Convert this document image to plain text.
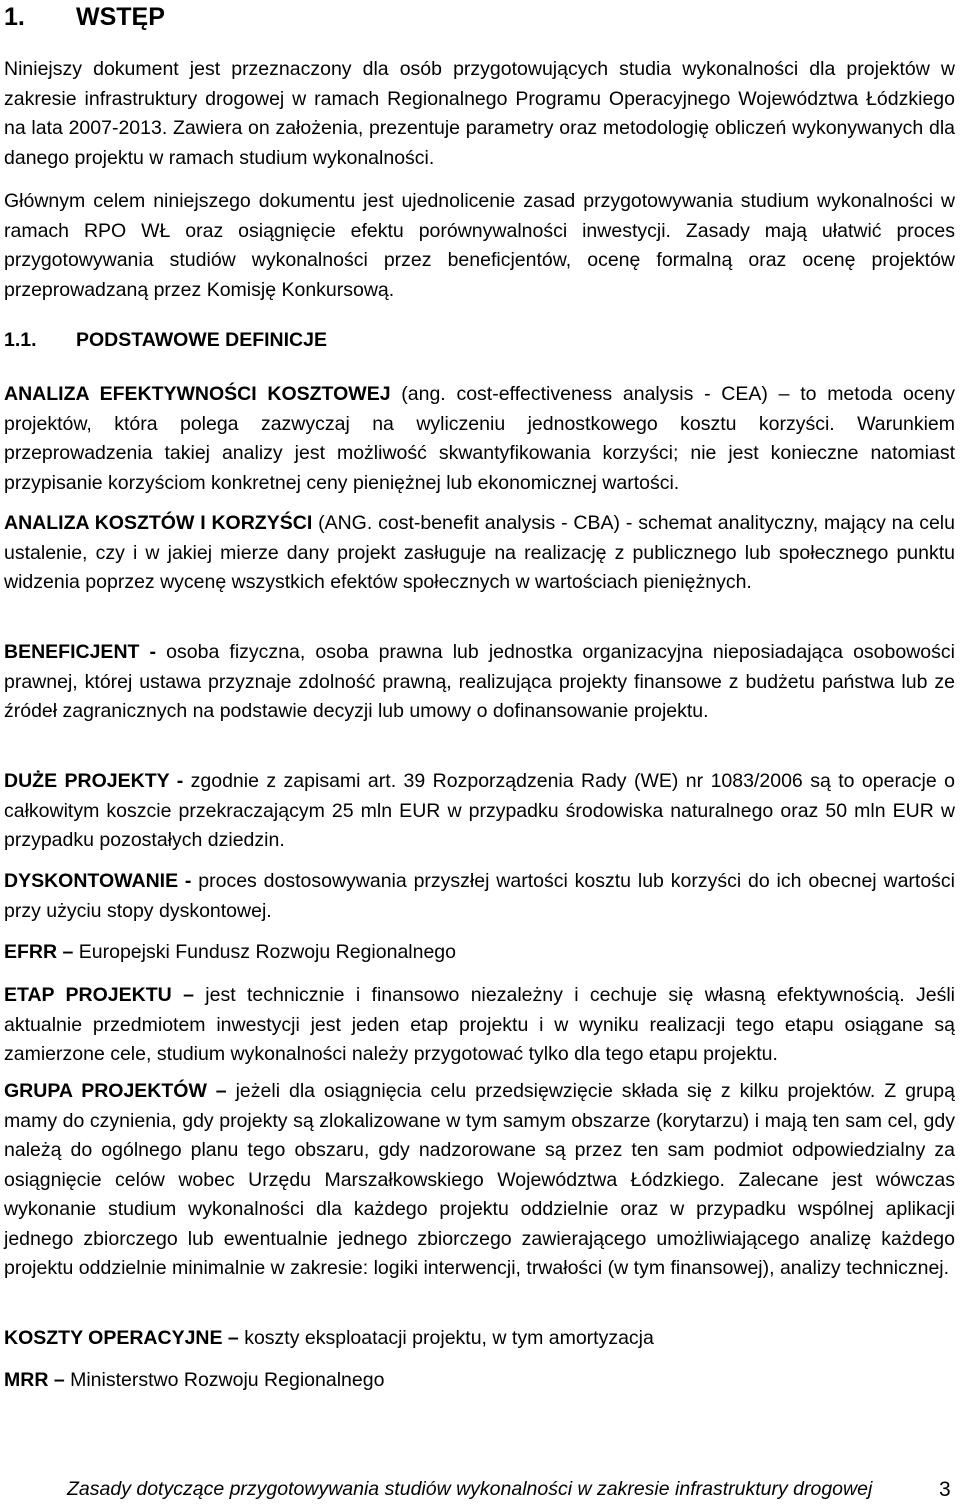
1. WSTĘP

Niniejszy dokument jest przeznaczony dla osób przygotowujących studia wykonalności dla projektów w zakresie infrastruktury drogowej w ramach Regionalnego Programu Operacyjnego Województwa Łódzkiego na lata 2007-2013. Zawiera on założenia, prezentuje parametry oraz metodologię obliczeń wykonywanych dla danego projektu w ramach studium wykonalności.

Głównym celem niniejszego dokumentu jest ujednolicenie zasad przygotowywania studium wykonalności w ramach RPO WŁ oraz osiągnięcie efektu porównywalności inwestycji. Zasady mają ułatwić proces przygotowywania studiów wykonalności przez beneficjentów, ocenę formalną oraz ocenę projektów przeprowadzaną przez Komisję Konkursową.

1.1. PODSTAWOWE DEFINICJE

ANALIZA EFEKTYWNOŚCI KOSZTOWEJ (ang. cost-effectiveness analysis - CEA) – to metoda oceny projektów, która polega zazwyczaj na wyliczeniu jednostkowego kosztu korzyści. Warunkiem przeprowadzenia takiej analizy jest możliwość skwantyfikowania korzyści; nie jest konieczne natomiast przypisanie korzyściom konkretnej ceny pieniężnej lub ekonomicznej wartości.

ANALIZA KOSZTÓW I KORZYŚCI (ANG. cost-benefit analysis - CBA) - schemat analityczny, mający na celu ustalenie, czy i w jakiej mierze dany projekt zasługuje na realizację z publicznego lub społecznego punktu widzenia poprzez wycenę wszystkich efektów społecznych w wartościach pieniężnych.

BENEFICJENT - osoba fizyczna, osoba prawna lub jednostka organizacyjna nieposiadająca osobowości prawnej, której ustawa przyznaje zdolność prawną, realizująca projekty finansowe z budżetu państwa lub ze źródeł zagranicznych na podstawie decyzji lub umowy o dofinansowanie projektu.

DUŻE PROJEKTY - zgodnie z zapisami art. 39 Rozporządzenia Rady (WE) nr 1083/2006 są to operacje o całkowitym koszcie przekraczającym 25 mln EUR w przypadku środowiska naturalnego oraz 50 mln EUR w przypadku pozostałych dziedzin.

DYSKONTOWANIE - proces dostosowywania przyszłej wartości kosztu lub korzyści do ich obecnej wartości przy użyciu stopy dyskontowej.

EFRR – Europejski Fundusz Rozwoju Regionalnego

ETAP PROJEKTU – jest technicznie i finansowo niezależny i cechuje się własną efektywnością. Jeśli aktualnie przedmiotem inwestycji jest jeden etap projektu i w wyniku realizacji tego etapu osiągane są zamierzone cele, studium wykonalności należy przygotować tylko dla tego etapu projektu.

GRUPA PROJEKTÓW – jeżeli dla osiągnięcia celu przedsięwzięcie składa się z kilku projektów. Z grupą mamy do czynienia, gdy projekty są zlokalizowane w tym samym obszarze (korytarzu) i mają ten sam cel, gdy należą do ogólnego planu tego obszaru, gdy nadzorowane są przez ten sam podmiot odpowiedzialny za osiągnięcie celów wobec Urzędu Marszałkowskiego Województwa Łódzkiego. Zalecane jest wówczas wykonanie studium wykonalności dla każdego projektu oddzielnie oraz w przypadku wspólnej aplikacji jednego zbiorczego lub ewentualnie jednego zbiorczego zawierającego umożliwiającego analizę każdego projektu oddzielnie minimalnie w zakresie: logiki interwencji, trwałości (w tym finansowej), analizy technicznej.

KOSZTY OPERACYJNE – koszty eksploatacji projektu, w tym amortyzacja

MRR – Ministerstwo Rozwoju Regionalnego

Zasady dotyczące przygotowywania studiów wykonalności w zakresie infrastruktury drogowej	3
